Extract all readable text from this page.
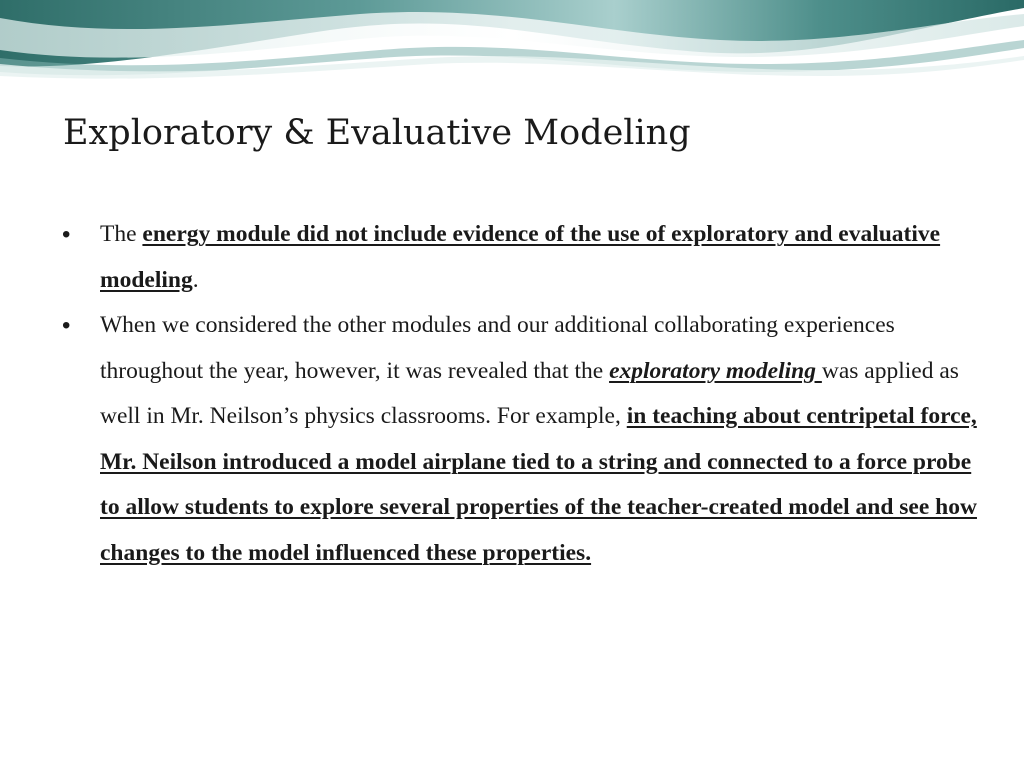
Exploratory & Evaluative Modeling
• The energy module did not include evidence of the use of exploratory and evaluative modeling.
• When we considered the other modules and our additional collaborating experiences throughout the year, however, it was revealed that the exploratory modeling was applied as well in Mr. Neilson’s physics classrooms. For example, in teaching about centripetal force, Mr. Neilson introduced a model airplane tied to a string and connected to a force probe to allow students to explore several properties of the teacher-created model and see how changes to the model influenced these properties.
